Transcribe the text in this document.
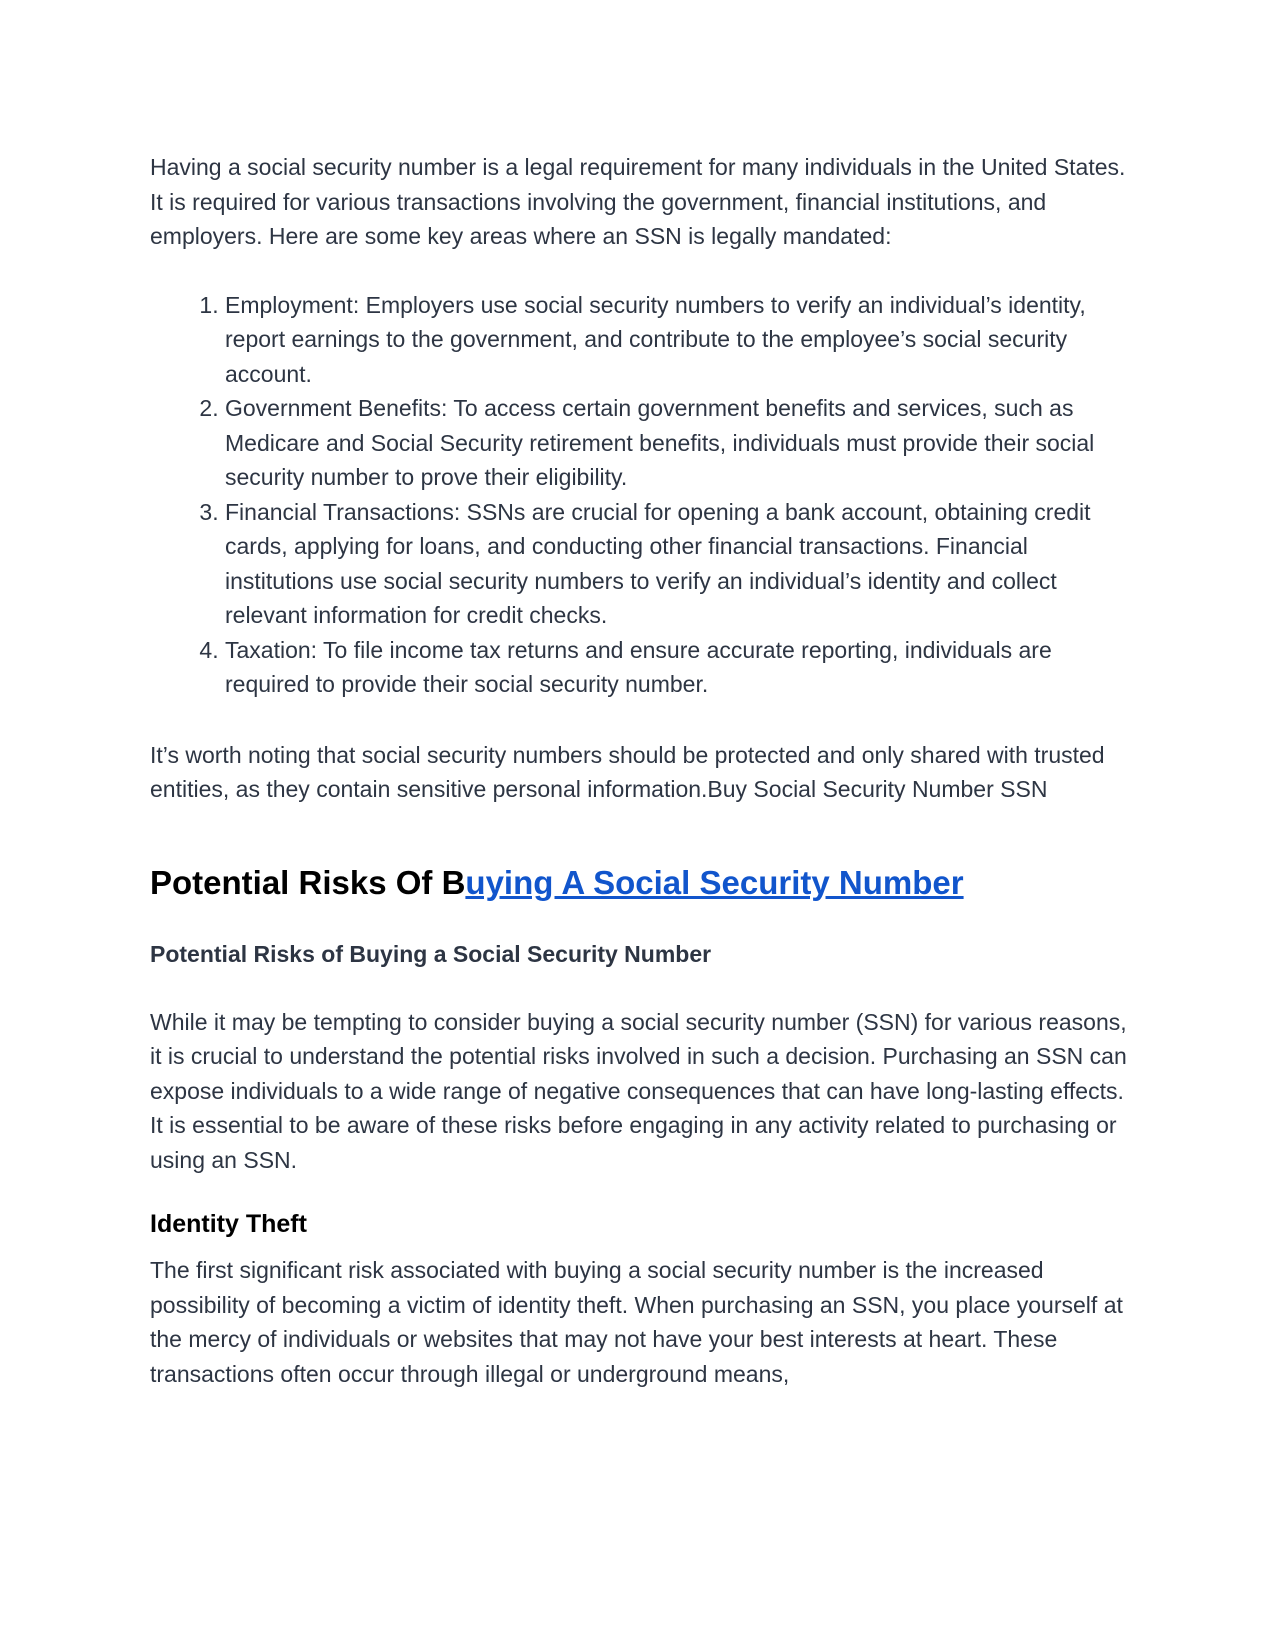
Having a social security number is a legal requirement for many individuals in the United States. It is required for various transactions involving the government, financial institutions, and employers. Here are some key areas where an SSN is legally mandated:

1. Employment: Employers use social security numbers to verify an individual’s identity, report earnings to the government, and contribute to the employee’s social security account.
2. Government Benefits: To access certain government benefits and services, such as Medicare and Social Security retirement benefits, individuals must provide their social security number to prove their eligibility.
3. Financial Transactions: SSNs are crucial for opening a bank account, obtaining credit cards, applying for loans, and conducting other financial transactions. Financial institutions use social security numbers to verify an individual’s identity and collect relevant information for credit checks.
4. Taxation: To file income tax returns and ensure accurate reporting, individuals are required to provide their social security number.

It’s worth noting that social security numbers should be protected and only shared with trusted entities, as they contain sensitive personal information.Buy Social Security Number SSN

Potential Risks Of Buying A Social Security Number
Potential Risks of Buying a Social Security Number

While it may be tempting to consider buying a social security number (SSN) for various reasons, it is crucial to understand the potential risks involved in such a decision. Purchasing an SSN can expose individuals to a wide range of negative consequences that can have long-lasting effects. It is essential to be aware of these risks before engaging in any activity related to purchasing or using an SSN.

Identity Theft

The first significant risk associated with buying a social security number is the increased possibility of becoming a victim of identity theft. When purchasing an SSN, you place yourself at the mercy of individuals or websites that may not have your best interests at heart. These transactions often occur through illegal or underground means,
